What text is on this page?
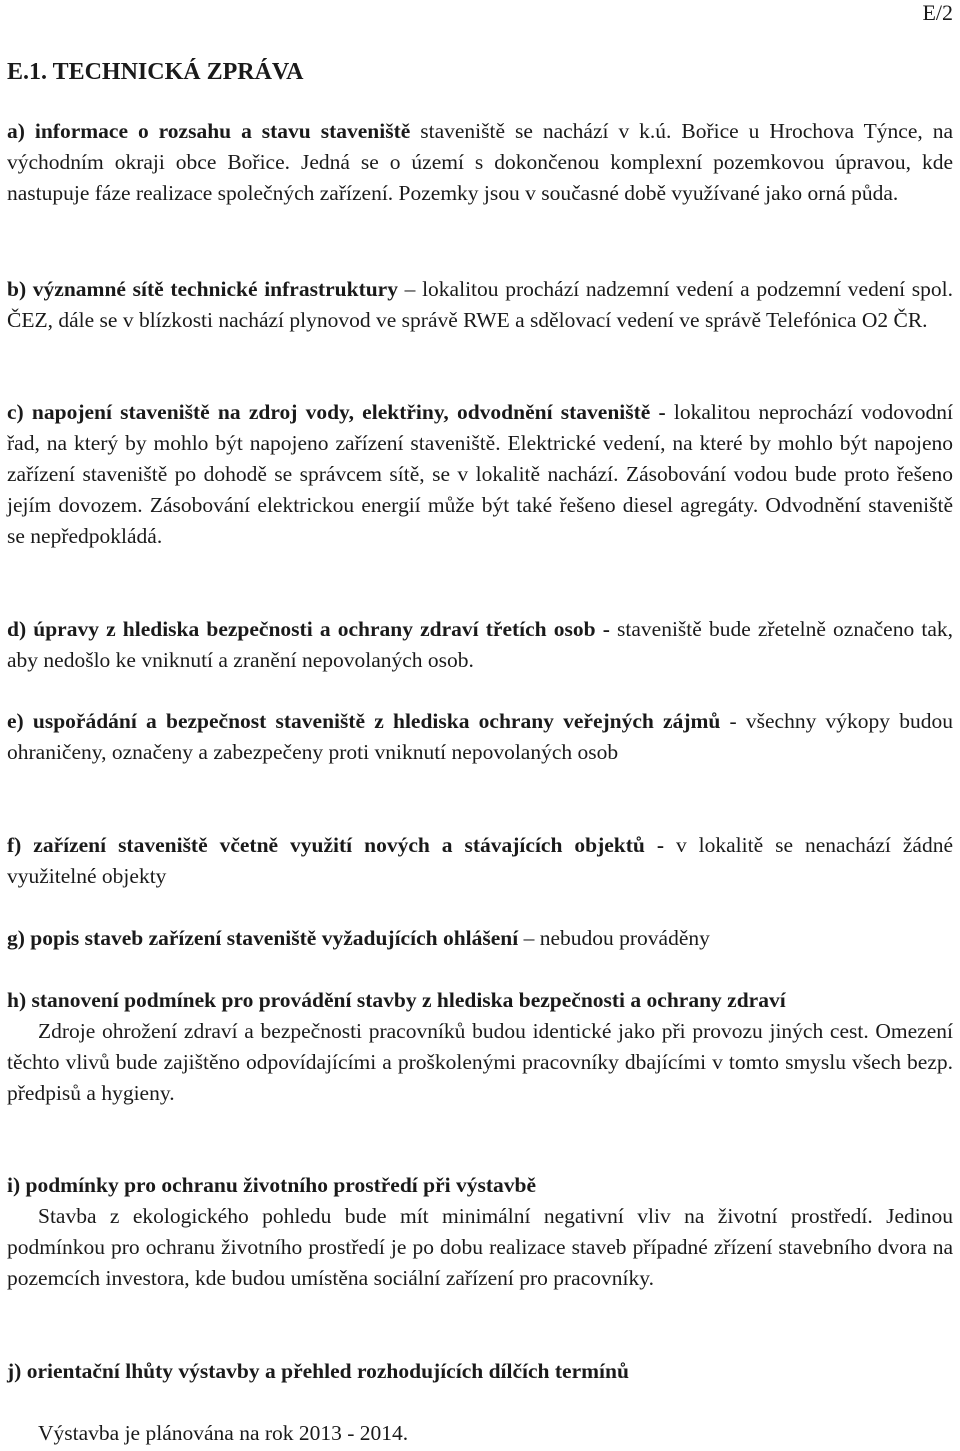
E/2
E.1. TECHNICKÁ ZPRÁVA

a) informace o rozsahu a stavu staveniště staveniště se nachází v k.ú. Bořice u Hrochova Týnce, na východním okraji obce Bořice. Jedná se o území s dokončenou komplexní pozemkovou úpravou, kde nastupuje fáze realizace společných zařízení. Pozemky jsou v současné době využívané jako orná půda.

b) významné sítě technické infrastruktury – lokalitou prochází nadzemní vedení a podzemní vedení spol. ČEZ, dále se v blízkosti nachází plynovod ve správě RWE a sdělovací vedení ve správě Telefónica O2 ČR.

c) napojení staveniště na zdroj vody, elektřiny, odvodnění staveniště - lokalitou neprochází vodovodní řad, na který by mohlo být napojeno zařízení staveniště. Elektrické vedení, na které by mohlo být napojeno zařízení staveniště po dohodě se správcem sítě, se v lokalitě nachází. Zásobování vodou bude proto řešeno jejím dovozem. Zásobování elektrickou energií může být také řešeno diesel agregáty. Odvodnění staveniště se nepředpokládá.

d) úpravy z hlediska bezpečnosti a ochrany zdraví třetích osob - staveniště bude zřetelně označeno tak, aby nedošlo ke vniknutí a zranění nepovolaných osob.

e) uspořádání a bezpečnost staveniště z hlediska ochrany veřejných zájmů - všechny výkopy budou ohraničeny, označeny a zabezpečeny proti vniknutí nepovolaných osob

f) zařízení staveniště včetně využití nových a stávajících objektů - v lokalitě se nenachází žádné využitelné objekty

g) popis staveb zařízení staveniště vyžadujících ohlášení – nebudou prováděny

h) stanovení podmínek pro provádění stavby z hlediska bezpečnosti a ochrany zdraví

Zdroje ohrožení zdraví a bezpečnosti pracovníků budou identické jako při provozu jiných cest. Omezení těchto vlivů bude zajištěno odpovídajícími a proškolenými pracovníky dbajícími v tomto smyslu všech bezp. předpisů a hygieny.

i) podmínky pro ochranu životního prostředí při výstavbě

Stavba z ekologického pohledu bude mít minimální negativní vliv na životní prostředí. Jedinou podmínkou pro ochranu životního prostředí je po dobu realizace staveb případné zřízení stavebního dvora na pozemcích investora, kde budou umístěna sociální zařízení pro pracovníky.

j) orientační lhůty výstavby a přehled rozhodujících dílčích termínů

Výstavba je plánována na rok 2013 - 2014.
